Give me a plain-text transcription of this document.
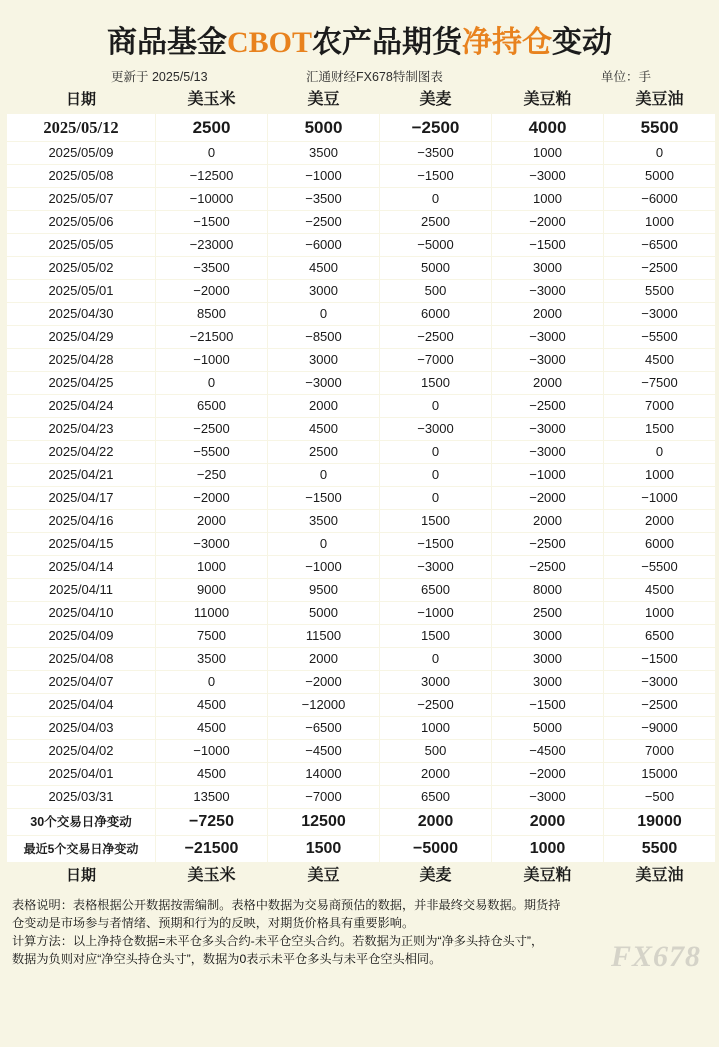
商品基金CBOT农产品期货净持仓变动
更新于 2025/5/13	汇通财经FX678特制图表	单位：手
日期	美玉米	美豆	美麦	美豆粕	美豆油
2025/05/12	2500	5000	−2500	4000	5500
2025/05/09	0	3500	−3500	1000	0
2025/05/08	−12500	−1000	−1500	−3000	5000
2025/05/07	−10000	−3500	0	1000	−6000
2025/05/06	−1500	−2500	2500	−2000	1000
2025/05/05	−23000	−6000	−5000	−1500	−6500
2025/05/02	−3500	4500	5000	3000	−2500
2025/05/01	−2000	3000	500	−3000	5500
2025/04/30	8500	0	6000	2000	−3000
2025/04/29	−21500	−8500	−2500	−3000	−5500
2025/04/28	−1000	3000	−7000	−3000	4500
2025/04/25	0	−3000	1500	2000	−7500
2025/04/24	6500	2000	0	−2500	7000
2025/04/23	−2500	4500	−3000	−3000	1500
2025/04/22	−5500	2500	0	−3000	0
2025/04/21	−250	0	0	−1000	1000
2025/04/17	−2000	−1500	0	−2000	−1000
2025/04/16	2000	3500	1500	2000	2000
2025/04/15	−3000	0	−1500	−2500	6000
2025/04/14	1000	−1000	−3000	−2500	−5500
2025/04/11	9000	9500	6500	8000	4500
2025/04/10	11000	5000	−1000	2500	1000
2025/04/09	7500	11500	1500	3000	6500
2025/04/08	3500	2000	0	3000	−1500
2025/04/07	0	−2000	3000	3000	−3000
2025/04/04	4500	−12000	−2500	−1500	−2500
2025/04/03	4500	−6500	1000	5000	−9000
2025/04/02	−1000	−4500	500	−4500	7000
2025/04/01	4500	14000	2000	−2000	15000
2025/03/31	13500	−7000	6500	−3000	−500
30个交易日净变动	−7250	12500	2000	2000	19000
最近5个交易日净变动	−21500	1500	−5000	1000	5500
日期	美玉米	美豆	美麦	美豆粕	美豆油

表格说明：表格根据公开数据按需编制。表格中数据为交易商预估的数据，并非最终交易数据。期货持

仓变动是市场参与者情绪、预期和行为的反映，对期货价格具有重要影响。

计算方法：以上净持仓数据=未平仓多头合约-未平仓空头合约。若数据为正则为“净多头持仓头寸”，

数据为负则对应“净空头持仓头寸”，数据为0表示未平仓多头与未平仓空头相同。	FX678
